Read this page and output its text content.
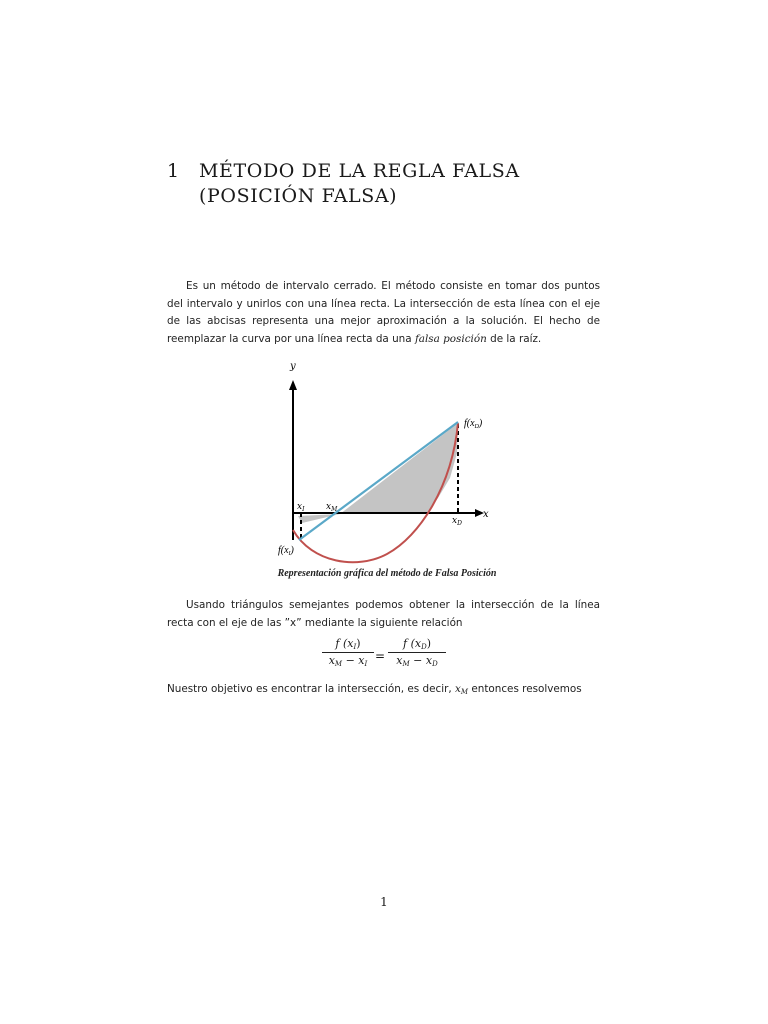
1 MÉTODO DE LA REGLA FALSA (POSICIÓN FALSA)
Es un método de intervalo cerrado. El método consiste en tomar dos puntos del intervalo y unirlos con una línea recta. La intersección de esta línea con el eje de las abcisas representa una mejor aproximación a la solución. El hecho de reemplazar la curva por una línea recta da una falsa posición de la raíz.
y
x
$x_I$ $x_M$
$x_D$
$f(x_D)$
$f(x_I)$
Representación gráfica del método de Falsa Posición
Usando triángulos semejantes podemos obtener la intersección de la línea recta con el eje de las ”x” mediante la siguiente relación
$\frac{f (x_I)}{x_M - x_I} = \frac{f (x_D)}{x_M - x_D}$
Nuestro objetivo es encontrar la intersección, es decir, $x_M$ entonces resolvemos
1
